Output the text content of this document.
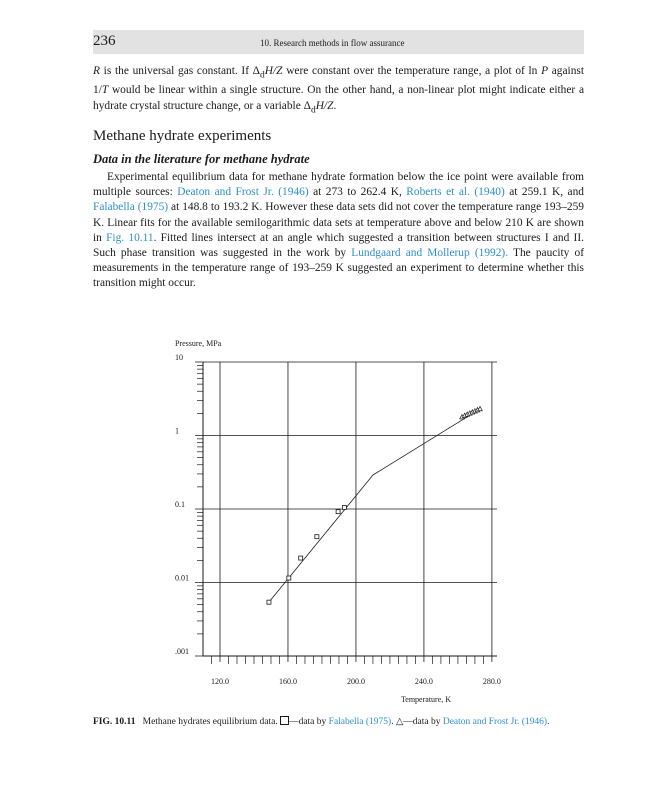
236	10. Research methods in flow assurance

R is the universal gas constant. If $\Delta_dH/Z$ were constant over the temperature range, a plot of ln P against 1/T would be linear within a single structure. On the other hand, a non-linear plot might indicate either a hydrate crystal structure change, or a variable $\Delta_dH/Z$.

Methane hydrate experiments
Data in the literature for methane hydrate

Experimental equilibrium data for methane hydrate formation below the ice point were available from multiple sources: Deaton and Frost Jr. (1946) at 273 to 262.4 K, Roberts et al. (1940) at 259.1 K, and Falabella (1975) at 148.8 to 193.2 K. However these data sets did not cover the temperature range 193–259 K. Linear fits for the available semilogarithmic data sets at temperature above and below 210 K are shown in Fig. 10.11. Fitted lines intersect at an angle which suggested a transition between structures I and II. Such phase transition was suggested in the work by Lundgaard and Mollerup (1992). The paucity of measurements in the temperature range of 193–259 K suggested an experiment to determine whether this transition might occur.

10
1
0.1
0.01
.001
120.0	160.0	200.0	240.0	280.0
Pressure, MPa
Temperature, K

FIG. 10.11 Methane hydrates equilibrium data. —data by Falabella (1975). △—data by Deaton and Frost Jr. (1946).
